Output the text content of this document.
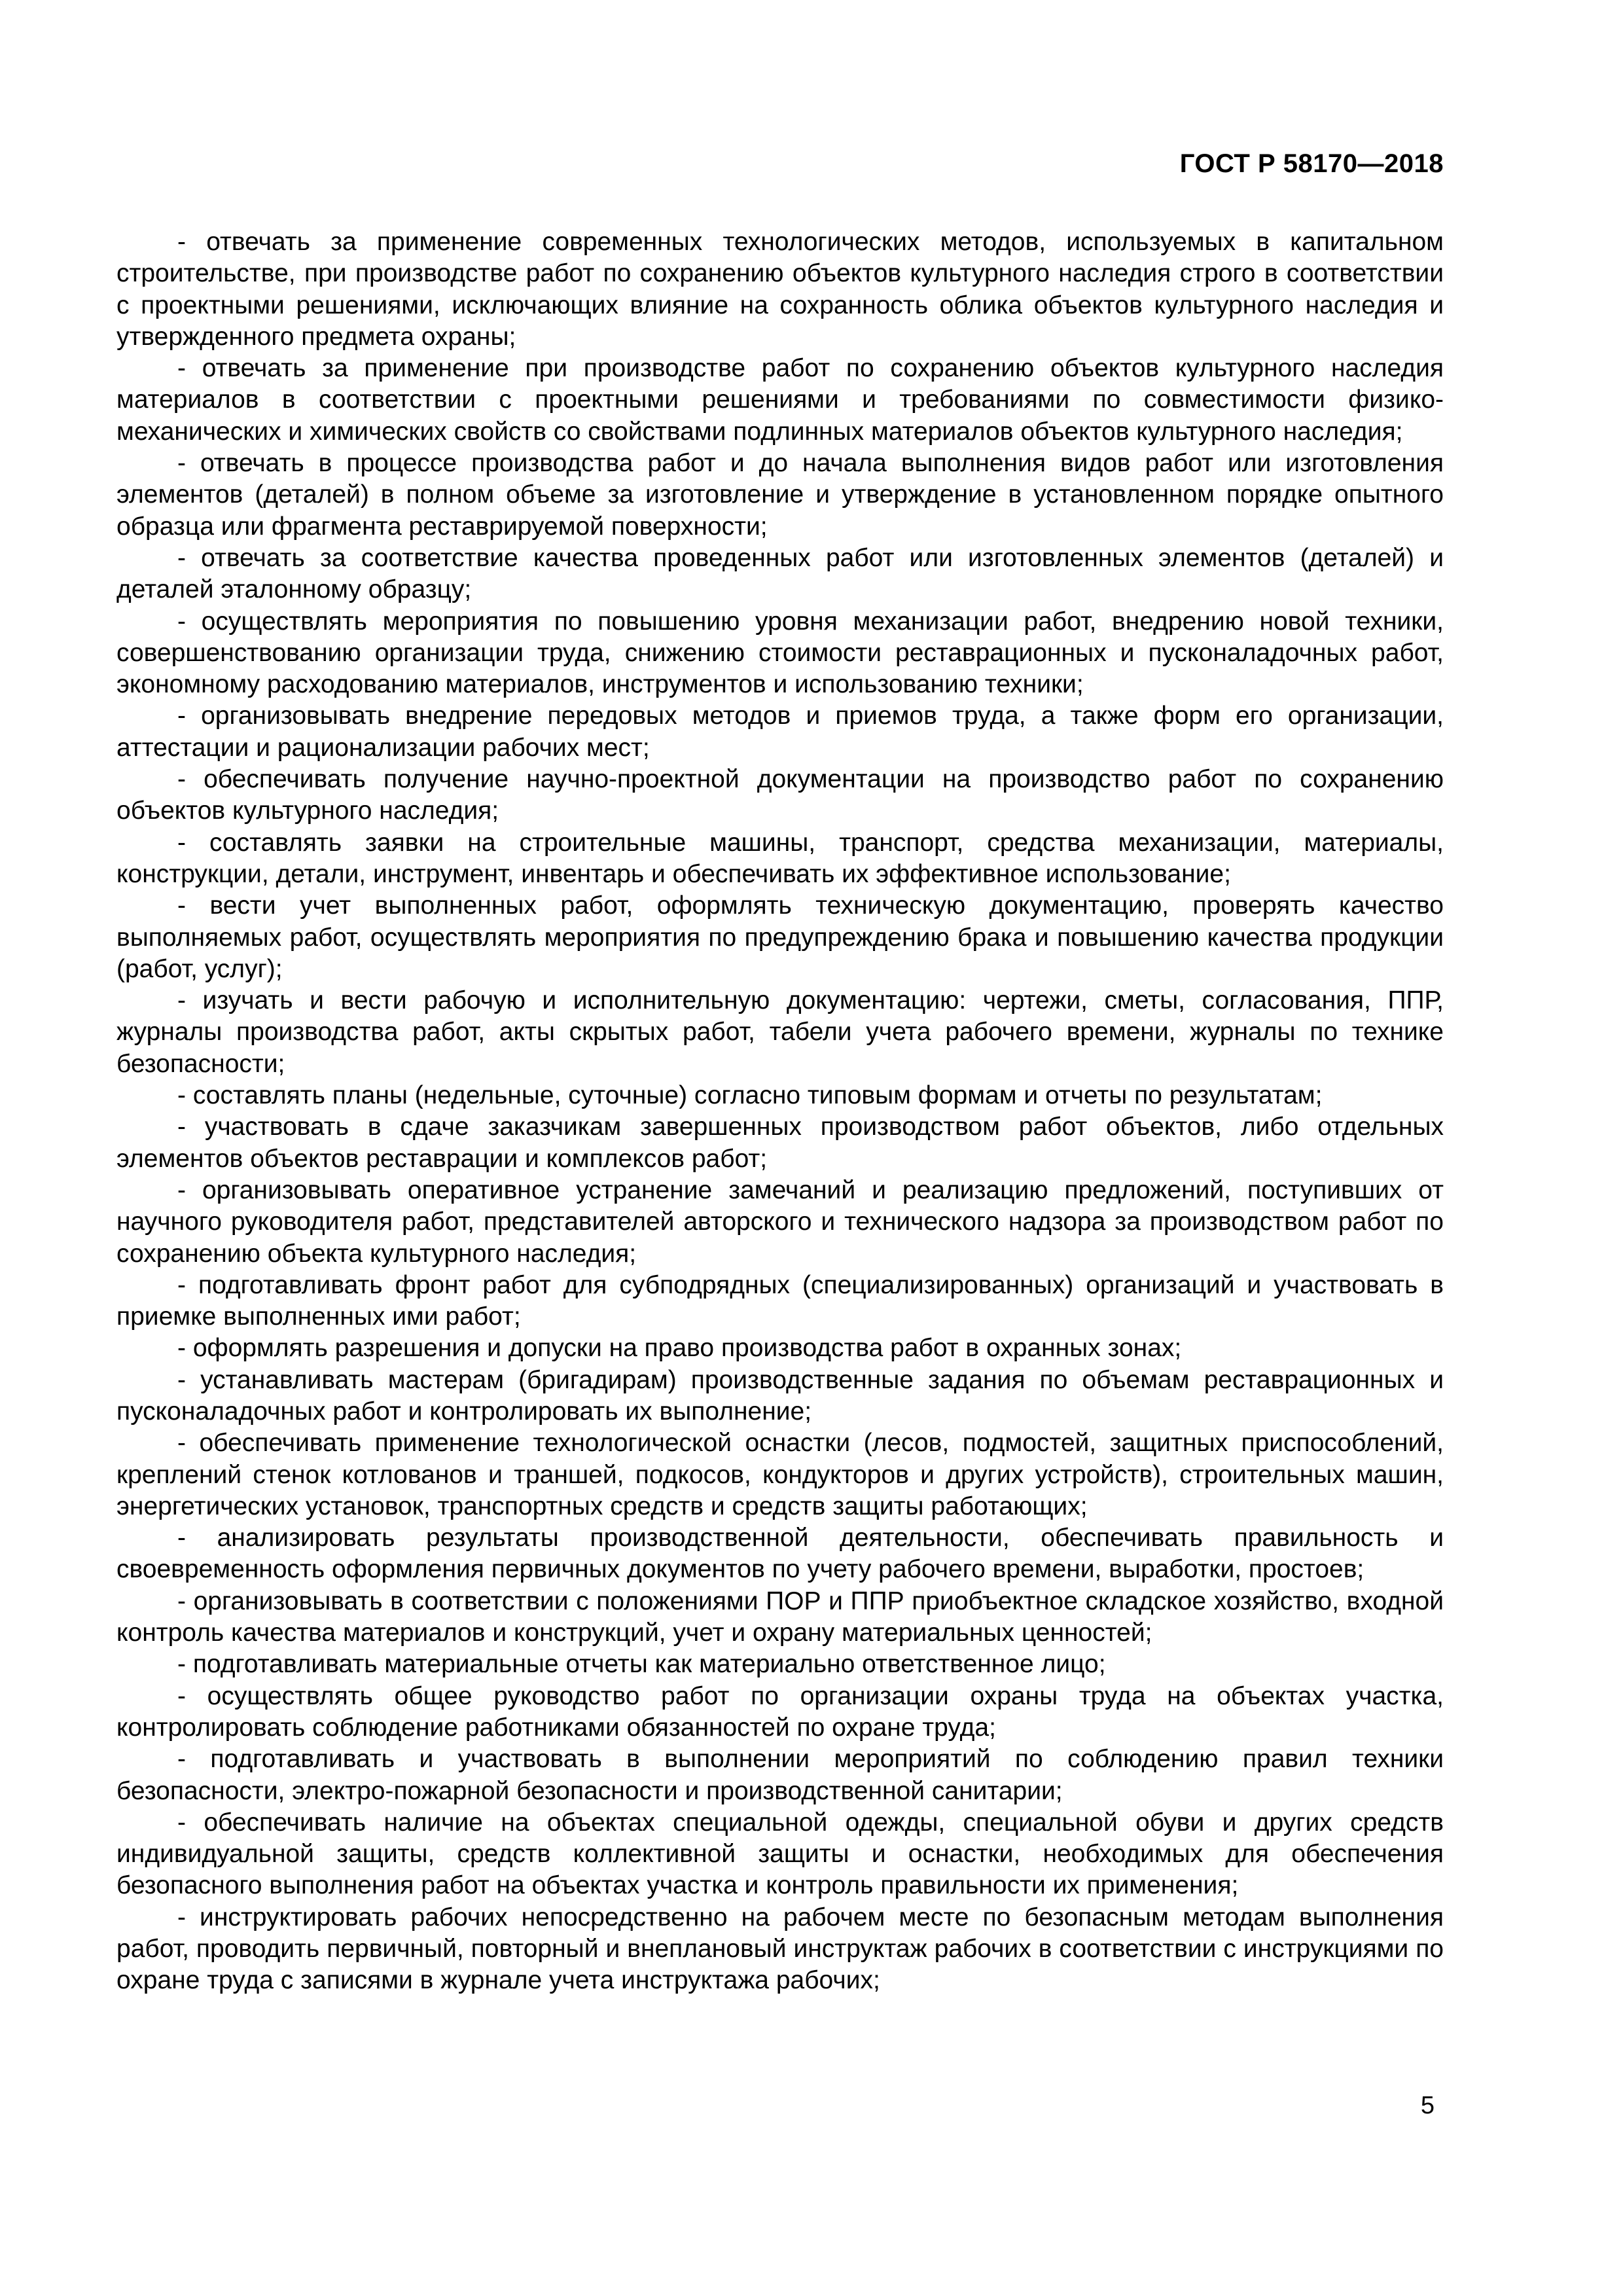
ГОСТ Р 58170—2018

- отвечать за применение современных технологических методов, используемых в капитальном строительстве, при производстве работ по сохранению объектов культурного наследия строго в соответствии с проектными решениями, исключающих влияние на сохранность облика объектов культурного наследия и утвержденного предмета охраны;

- отвечать за применение при производстве работ по сохранению объектов культурного наследия материалов в соответствии с проектными решениями и требованиями по совместимости физико-механических и химических свойств со свойствами подлинных материалов объектов культурного наследия;

- отвечать в процессе производства работ и до начала выполнения видов работ или изготовления элементов (деталей) в полном объеме за изготовление и утверждение в установленном порядке опытного образца или фрагмента реставрируемой поверхности;

- отвечать за соответствие качества проведенных работ или изготовленных элементов (деталей) и деталей эталонному образцу;

- осуществлять мероприятия по повышению уровня механизации работ, внедрению новой техники, совершенствованию организации труда, снижению стоимости реставрационных и пусконаладочных работ, экономному расходованию материалов, инструментов и использованию техники;

- организовывать внедрение передовых методов и приемов труда, а также форм его организации, аттестации и рационализации рабочих мест;

- обеспечивать получение научно-проектной документации на производство работ по сохранению объектов культурного наследия;

- составлять заявки на строительные машины, транспорт, средства механизации, материалы, конструкции, детали, инструмент, инвентарь и обеспечивать их эффективное использование;

- вести учет выполненных работ, оформлять техническую документацию, проверять качество выполняемых работ, осуществлять мероприятия по предупреждению брака и повышению качества продукции (работ, услуг);

- изучать и вести рабочую и исполнительную документацию: чертежи, сметы, согласования, ППР, журналы производства работ, акты скрытых работ, табели учета рабочего времени, журналы по технике безопасности;

- составлять планы (недельные, суточные) согласно типовым формам и отчеты по результатам;

- участвовать в сдаче заказчикам завершенных производством работ объектов, либо отдельных элементов объектов реставрации и комплексов работ;

- организовывать оперативное устранение замечаний и реализацию предложений, поступивших от научного руководителя работ, представителей авторского и технического надзора за производством работ по сохранению объекта культурного наследия;

- подготавливать фронт работ для субподрядных (специализированных) организаций и участвовать в приемке выполненных ими работ;

- оформлять разрешения и допуски на право производства работ в охранных зонах;

- устанавливать мастерам (бригадирам) производственные задания по объемам реставрационных и пусконаладочных работ и контролировать их выполнение;

- обеспечивать применение технологической оснастки (лесов, подмостей, защитных приспособлений, креплений стенок котлованов и траншей, подкосов, кондукторов и других устройств), строительных машин, энергетических установок, транспортных средств и средств защиты работающих;

- анализировать результаты производственной деятельности, обеспечивать правильность и своевременность оформления первичных документов по учету рабочего времени, выработки, простоев;

- организовывать в соответствии с положениями ПОР и ППР приобъектное складское хозяйство, входной контроль качества материалов и конструкций, учет и охрану материальных ценностей;

- подготавливать материальные отчеты как материально ответственное лицо;

- осуществлять общее руководство работ по организации охраны труда на объектах участка, контролировать соблюдение работниками обязанностей по охране труда;

- подготавливать и участвовать в выполнении мероприятий по соблюдению правил техники безопасности, электро-пожарной безопасности и производственной санитарии;

- обеспечивать наличие на объектах специальной одежды, специальной обуви и других средств индивидуальной защиты, средств коллективной защиты и оснастки, необходимых для обеспечения безопасного выполнения работ на объектах участка и контроль правильности их применения;

- инструктировать рабочих непосредственно на рабочем месте по безопасным методам выполнения работ, проводить первичный, повторный и внеплановый инструктаж рабочих в соответствии с инструкциями по охране труда с записями в журнале учета инструктажа рабочих;

5
